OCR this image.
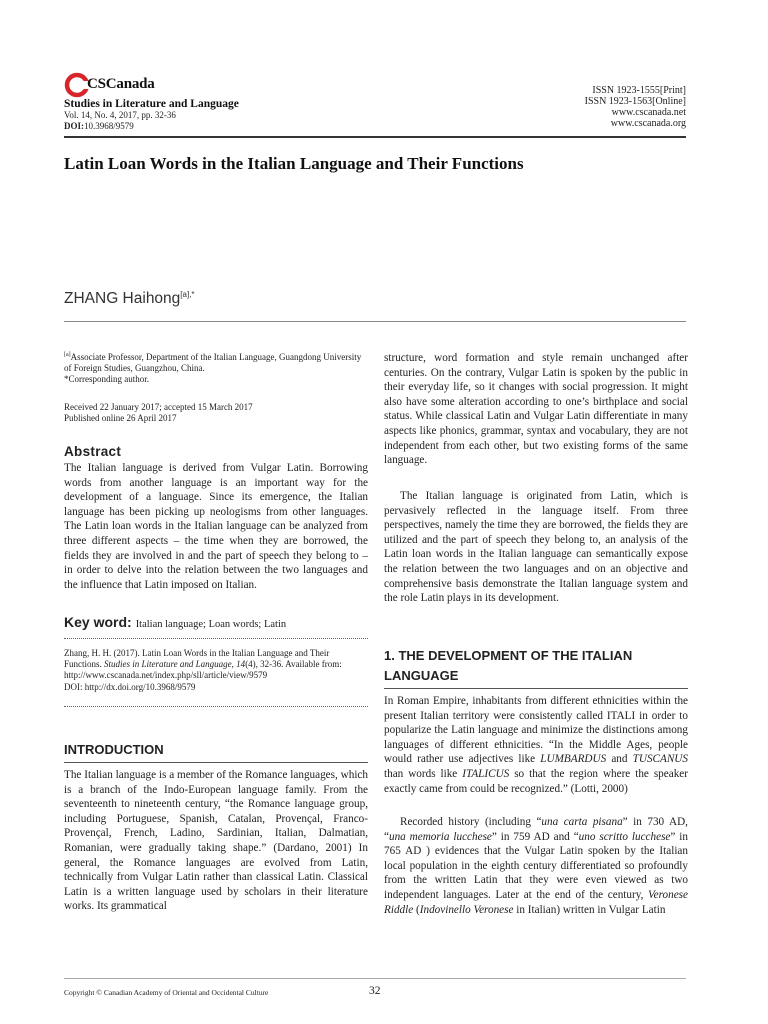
CSCanada
Studies in Literature and Language
Vol. 14, No. 4, 2017, pp. 32-36
DOI:10.3968/9579
ISSN 1923-1555[Print]
ISSN 1923-1563[Online]
www.cscanada.net
www.cscanada.org
Latin Loan Words in the Italian Language and Their Functions
ZHANG Haihong$^{[a],*}$
[a]Associate Professor, Department of the Italian Language, Guangdong University of Foreign Studies, Guangzhou, China.
*Corresponding author.
Received 22 January 2017; accepted 15 March 2017
Published online 26 April 2017
Abstract
The Italian language is derived from Vulgar Latin. Borrowing words from another language is an important way for the development of a language. Since its emergence, the Italian language has been picking up neologisms from other languages. The Latin loan words in the Italian language can be analyzed from three different aspects – the time when they are borrowed, the fields they are involved in and the part of speech they belong to – in order to delve into the relation between the two languages and the influence that Latin imposed on Italian.
Key word: Italian language; Loan words; Latin
Zhang, H. H. (2017). Latin Loan Words in the Italian Language and Their Functions. Studies in Literature and Language, 14(4), 32-36. Available from: http://www.cscanada.net/index.php/sll/article/view/9579
DOI: http://dx.doi.org/10.3968/9579
INTRODUCTION
The Italian language is a member of the Romance languages, which is a branch of the Indo-European language family. From the seventeenth to nineteenth century, “the Romance language group, including Portuguese, Spanish, Catalan, Provençal, Franco-Provençal, French, Ladino, Sardinian, Italian, Dalmatian, Romanian, were gradually taking shape.” (Dardano, 2001) In general, the Romance languages are evolved from Latin, technically from Vulgar Latin rather than classical Latin. Classical Latin is a written language used by scholars in their literature works. Its grammatical
structure, word formation and style remain unchanged after centuries. On the contrary, Vulgar Latin is spoken by the public in their everyday life, so it changes with social progression. It might also have some alteration according to one’s birthplace and social status. While classical Latin and Vulgar Latin differentiate in many aspects like phonics, grammar, syntax and vocabulary, they are not independent from each other, but two existing forms of the same language.
The Italian language is originated from Latin, which is pervasively reflected in the language itself. From three perspectives, namely the time they are borrowed, the fields they are utilized and the part of speech they belong to, an analysis of the Latin loan words in the Italian language can semantically expose the relation between the two languages and on an objective and comprehensive basis demonstrate the Italian language system and the role Latin plays in its development.
1. THE DEVELOPMENT OF THE ITALIAN LANGUAGE
In Roman Empire, inhabitants from different ethnicities within the present Italian territory were consistently called ITALI in order to popularize the Latin language and minimize the distinctions among languages of different ethnicities. “In the Middle Ages, people would rather use adjectives like LUMBARDUS and TUSCANUS than words like ITALICUS so that the region where the speaker exactly came from could be recognized.” (Lotti, 2000)
Recorded history (including “una carta pisana” in 730 AD, “una memoria lucchese” in 759 AD and “uno scritto lucchese” in 765 AD ) evidences that the Vulgar Latin spoken by the Italian local population in the eighth century differentiated so profoundly from the written Latin that they were even viewed as two independent languages. Later at the end of the century, Veronese Riddle (Indovinello Veronese in Italian) written in Vulgar Latin
Copyright © Canadian Academy of Oriental and Occidental Culture	32
